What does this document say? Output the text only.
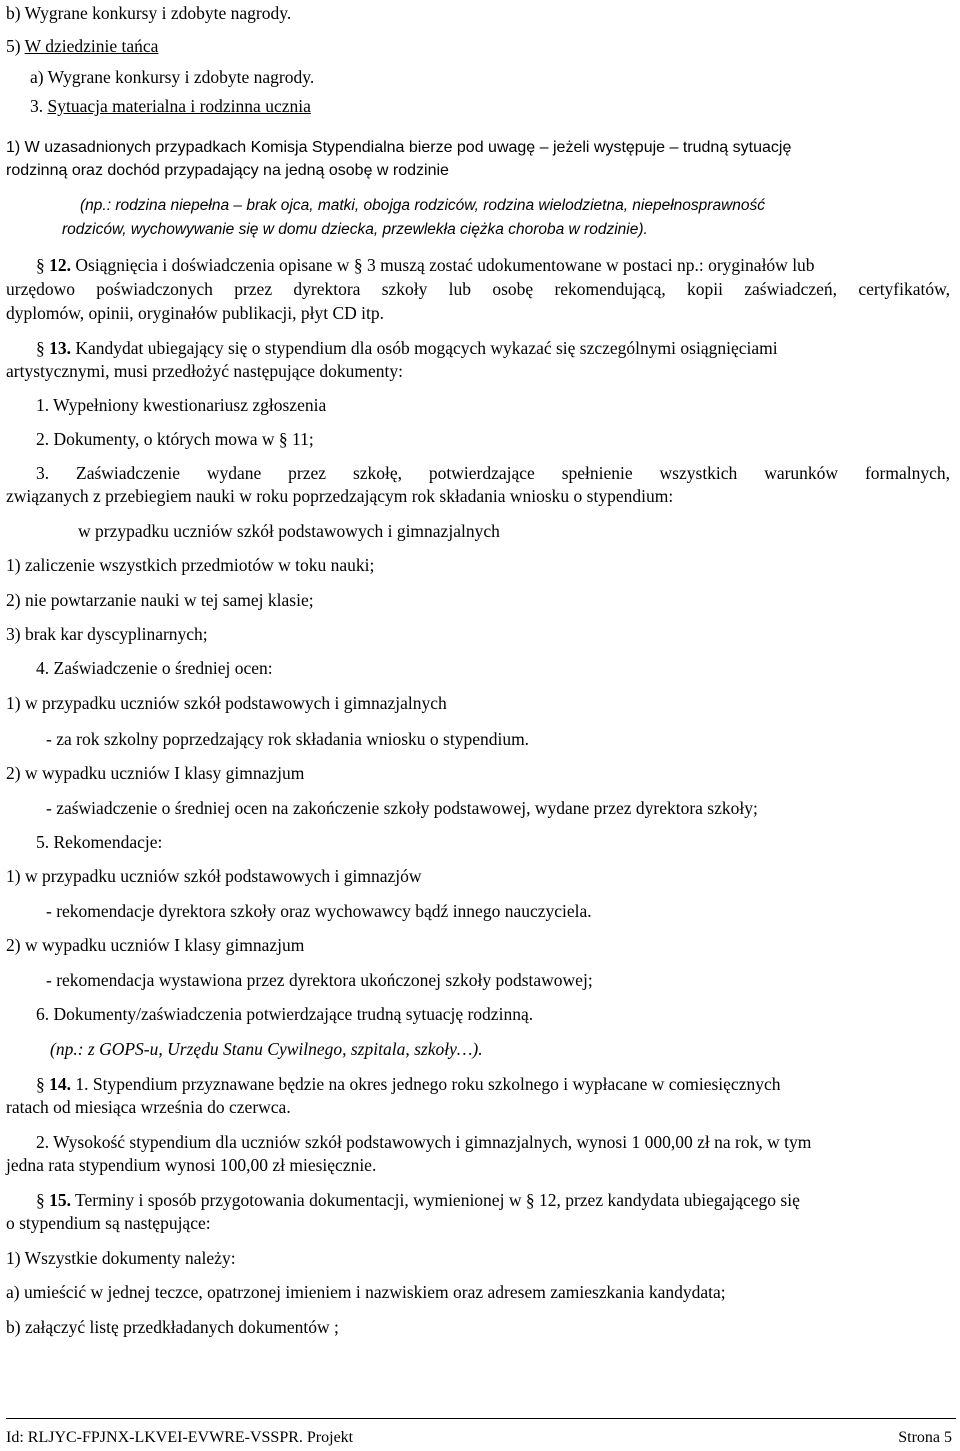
b) Wygrane konkursy i zdobyte nagrody.
5) W dziedzinie tańca
a) Wygrane konkursy i zdobyte nagrody.
3. Sytuacja materialna i rodzinna ucznia
1) W uzasadnionych przypadkach Komisja Stypendialna bierze pod uwagę – jeżeli występuje – trudną sytuację
rodzinną oraz dochód przypadający na jedną osobę w rodzinie
(np.: rodzina niepełna – brak ojca, matki, obojga rodziców, rodzina wielodzietna, niepełnosprawność
rodziców, wychowywanie się w domu dziecka, przewlekła ciężka choroba w rodzinie).
§ 12. Osiągnięcia i doświadczenia opisane w § 3 muszą zostać udokumentowane w postaci np.: oryginałów lub
urzędowo poświadczonych przez dyrektora szkoły lub osobę rekomendującą, kopii zaświadczeń, certyfikatów,
dyplomów, opinii, oryginałów publikacji, płyt CD itp.
§ 13. Kandydat ubiegający się o stypendium dla osób mogących wykazać się szczególnymi osiągnięciami
artystycznymi, musi przedłożyć następujące dokumenty:
1. Wypełniony kwestionariusz zgłoszenia
2. Dokumenty, o których mowa w § 11;
3. Zaświadczenie wydane przez szkołę, potwierdzające spełnienie wszystkich warunków formalnych,
związanych z przebiegiem nauki w roku poprzedzającym rok składania wniosku o stypendium:
w przypadku uczniów szkół podstawowych i gimnazjalnych
1) zaliczenie wszystkich przedmiotów w toku nauki;
2) nie powtarzanie nauki w tej samej klasie;
3) brak kar dyscyplinarnych;
4. Zaświadczenie o średniej ocen:
1) w przypadku uczniów szkół podstawowych i gimnazjalnych
- za rok szkolny poprzedzający rok składania wniosku o stypendium.
2) w wypadku uczniów I klasy gimnazjum
- zaświadczenie o średniej ocen na zakończenie szkoły podstawowej, wydane przez dyrektora szkoły;
5. Rekomendacje:
1) w przypadku uczniów szkół podstawowych i gimnazjów
- rekomendacje dyrektora szkoły oraz wychowawcy bądź innego nauczyciela.
2) w wypadku uczniów I klasy gimnazjum
- rekomendacja wystawiona przez dyrektora ukończonej szkoły podstawowej;
6. Dokumenty/zaświadczenia potwierdzające trudną sytuację rodzinną.
(np.: z GOPS-u, Urzędu Stanu Cywilnego, szpitala, szkoły…).
§ 14. 1. Stypendium przyznawane będzie na okres jednego roku szkolnego i wypłacane w comiesięcznych
ratach od miesiąca września do czerwca.
2. Wysokość stypendium dla uczniów szkół podstawowych i gimnazjalnych, wynosi 1 000,00 zł na rok, w tym
jedna rata stypendium wynosi 100,00 zł miesięcznie.
§ 15. Terminy i sposób przygotowania dokumentacji, wymienionej w § 12, przez kandydata ubiegającego się
o stypendium są następujące:
1) Wszystkie dokumenty należy:
a) umieścić w jednej teczce, opatrzonej imieniem i nazwiskiem oraz adresem zamieszkania kandydata;
b) załączyć listę przedkładanych dokumentów ;
Id: RLJYC-FPJNX-LKVEI-EVWRE-VSSPR. Projekt	Strona 5
